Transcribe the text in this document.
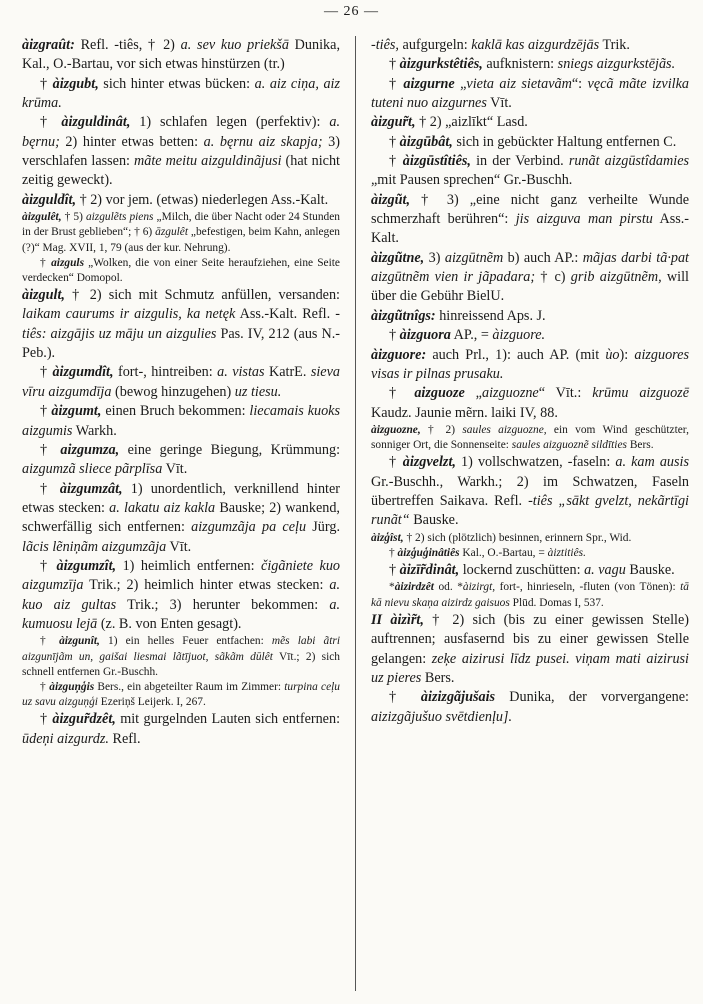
— 26 —

àizgraût: Refl. -tiês, † 2) a. sev kuo priekšā Dunika, Kal., O.-Bartau, vor sich etwas hinstürzen (tr.)

† àizgubt, sich hinter etwas bücken: a. aiz ciņa, aiz krūma.

† àizguldinât, 1) schlafen legen (perfektiv): a. bęrnu; 2) hinter etwas betten: a. bęrnu aiz skapja; 3) verschlafen lassen: mãte meitu aizguldinãjusi (hat nicht zeitig geweckt).

àizguldît, † 2) vor jem. (etwas) niederlegen Ass.-Kalt.

àizgulêt, † 5) aizgulẽts piens „Milch, die über Nacht oder 24 Stunden in der Brust geblieben“; † 6) āzgulêt „befestigen, beim Kahn, anlegen (?)“ Mag. XVII, 1, 79 (aus der kur. Nehrung).

† aizguls „Wolken, die von einer Seite heraufziehen, eine Seite verdecken“ Domopol.

àizgult, † 2) sich mit Schmutz anfüllen, versanden: laikam caurums ir aizgulis, ka netęk Ass.-Kalt. Refl. -tiês: aizgājis uz māju un aizgulies Pas. IV, 212 (aus N.-Peb.).

† àizgumdît, fort-, hintreiben: a. vistas KatrE. sieva vīru aizgumdīja (bewog hinzugehen) uz tiesu.

† àizgumt, einen Bruch bekommen: liecamais kuoks aizgumis Warkh.

† aizgumza, eine geringe Biegung, Krümmung: aizgumzã sliece pãrplīsa Vīt.

† àizgumzât, 1) unordentlich, verknillend hinter etwas stecken: a. lakatu aiz kakla Bauske; 2) wankend, schwerfällig sich entfernen: aizgumzãja pa ceļu Jürg. lãcis lẽniņãm aizgumzãja Vīt.

† àizgumzît, 1) heimlich entfernen: čigãniete kuo aizgumzīja Trik.; 2) heimlich hinter etwas stecken: a. kuo aiz gultas Trik.; 3) herunter bekommen: a. kumuosu lejā (z. B. von Enten gesagt).

† àizgunît, 1) ein helles Feuer entfachen: mẽs labi ãtri aizgunījãm un, gaišai liesmai lãtījuot, sãkãm dūlêt Vīt.; 2) sich schnell entfernen Gr.-Buschh.

† àizguņģis Bers., ein abgeteilter Raum im Zimmer: turpina ceļu uz savu aizguņģi Ezeriņš Leijerk. I, 267.

† àizgur̃dzêt, mit gurgelnden Lauten sich entfernen: ūdeņi aizgurdz. Refl.

-tiês, aufgurgeln: kaklā kas aizgurdzējās Trik.

† àizgurkstêtiês, aufknistern: sniegs aizgurkstējãs.

† aizgurne „vieta aiz sietavãm“: vęcã mãte izvilka tuteni nuo aizgurnes Vīt.

àizgur̃t, † 2) „aizlīkt“ Lasd.

† àizgūbât, sich in gebückter Haltung entfernen C.

† àizgūstîtiês, in der Verbind. runãt aizgūstîdamies „mit Pausen sprechen“ Gr.-Buschh.

àizgũt, † 3) „eine nicht ganz verheilte Wunde schmerzhaft berühren“: jis aizguva man pirstu Ass.-Kalt.

àizgũtne, 3) aizgūtnẽm b) auch AP.: mãjas darbi tã·pat aizgūtnẽm vien ir jãpadara; † c) grib aizgūtnẽm, will über die Gebühr BielU.

àizgũtnîgs: hinreissend Aps. J.

† àizguora AP., = àizguore.

àizguore: auch Prl., 1): auch AP. (mit ùo): aizguores visas ir pilnas prusaku.

† aizguoze „aizguozne“ Vīt.: krūmu aizguozē Kaudz. Jaunie mẽrn. laiki IV, 88.

àizguozne, † 2) saules aizguozne, ein vom Wind geschützter, sonniger Ort, die Sonnenseite: saules aizguoznẽ sildīties Bers.

† àizgvelzt, 1) vollschwatzen, -faseln: a. kam ausis Gr.-Buschh., Warkh.; 2) im Schwatzen, Faseln übertreffen Saikava. Refl. -tiês „sākt gvelzt, nekãrtīgi runãt“ Bauske.

àizģîst, † 2) sich (plötzlich) besinnen, erinnern Spr., Wid.

† àizģuģinâtiês Kal., O.-Bartau, = àiztitiês.

† àizīr̃dinât, lockernd zuschütten: a. vagu Bauske.

*àizirdzêt od. *àizirgt, fort-, hinrieseln, -fluten (von Tönen): tā kā nievu skaņa aizirdz gaisuos Plūd. Domas I, 537.

II àizìr̃t, † 2) sich (bis zu einer gewissen Stelle) auftrennen; ausfasernd bis zu einer gewissen Stelle gelangen: zeķe aizirusi līdz pusei. viņam mati aizirusi uz pieres Bers.

† àizizgãjušais Dunika, der vorvergangene: aizizgãjušuo svētdienļu].
